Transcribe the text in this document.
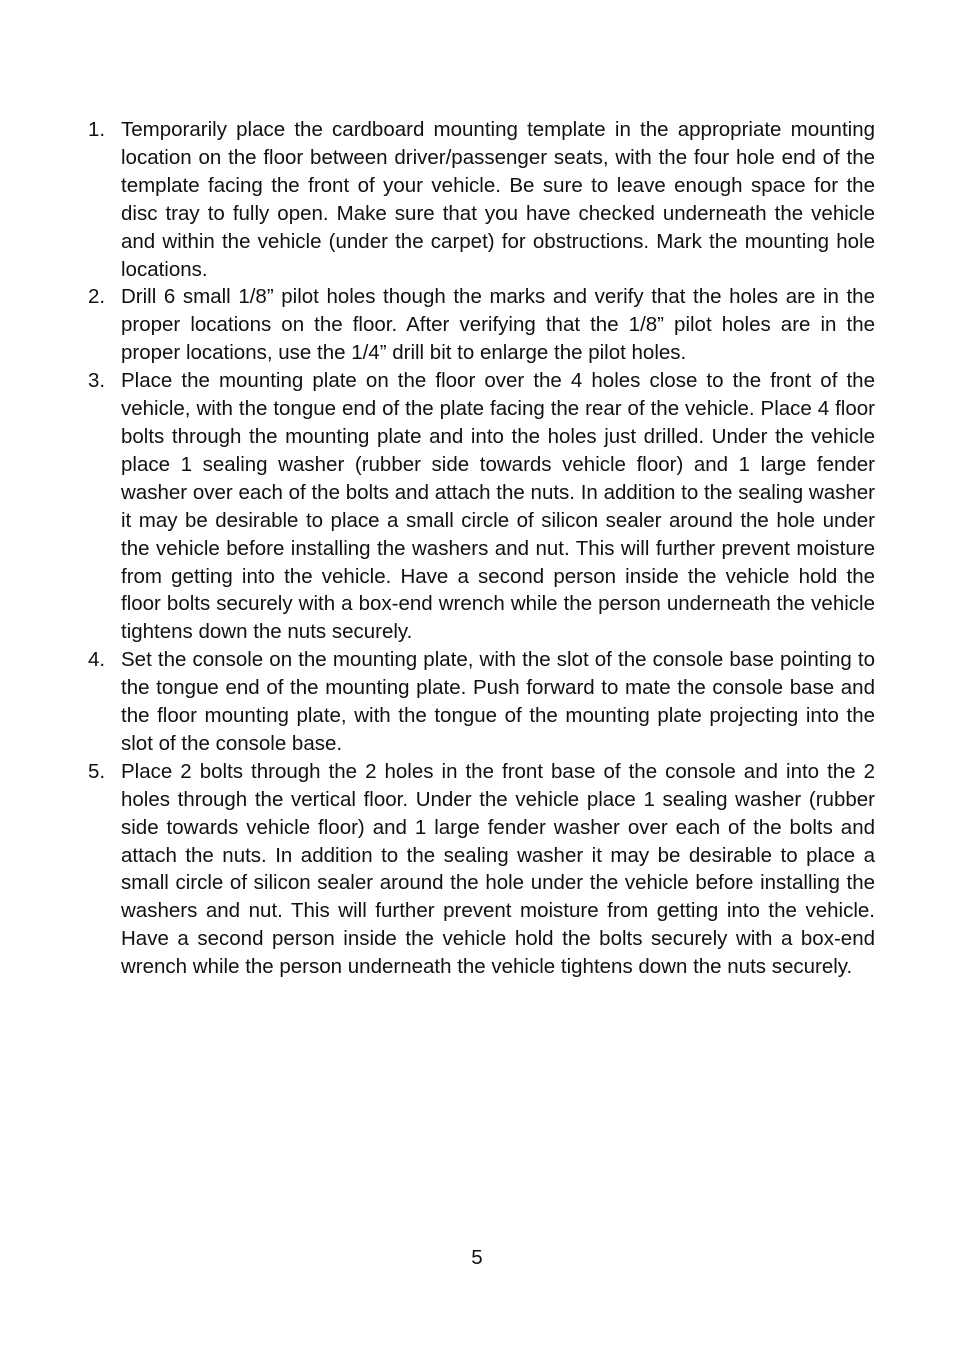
1. Temporarily place the cardboard mounting template in the appropriate mounting location on the floor between driver/passenger seats, with the four hole end of the template facing the front of your vehicle. Be sure to leave enough space for the disc tray to fully open. Make sure that you have checked underneath the vehicle and within the vehicle (under the carpet) for obstructions. Mark the mounting hole locations.
2. Drill 6 small 1/8” pilot holes though the marks and verify that the holes are in the proper locations on the floor. After verifying that the 1/8” pilot holes are in the proper locations, use the 1/4” drill bit to enlarge the pilot holes.
3. Place the mounting plate on the floor over the 4 holes close to the front of the vehicle, with the tongue end of the plate facing the rear of the vehicle. Place 4 floor bolts through the mounting plate and into the holes just drilled. Under the vehicle place 1 sealing washer (rubber side towards vehicle floor) and 1 large fender washer over each of the bolts and attach the nuts. In addition to the sealing washer it may be desirable to place a small circle of silicon sealer around the hole under the vehicle before installing the washers and nut. This will further prevent moisture from getting into the vehicle. Have a second person inside the vehicle hold the floor bolts securely with a box-end wrench while the person underneath the vehicle tightens down the nuts securely.
4. Set the console on the mounting plate, with the slot of the console base pointing to the tongue end of the mounting plate. Push forward to mate the console base and the floor mounting plate, with the tongue of the mounting plate projecting into the slot of the console base.
5. Place 2 bolts through the 2 holes in the front base of the console and into the 2 holes through the vertical floor. Under the vehicle place 1 sealing washer (rubber side towards vehicle floor) and 1 large fender washer over each of the bolts and attach the nuts. In addition to the sealing washer it may be desirable to place a small circle of silicon sealer around the hole under the vehicle before installing the washers and nut. This will further prevent moisture from getting into the vehicle. Have a second person inside the vehicle hold the bolts securely with a box-end wrench while the person underneath the vehicle tightens down the nuts securely.
5
